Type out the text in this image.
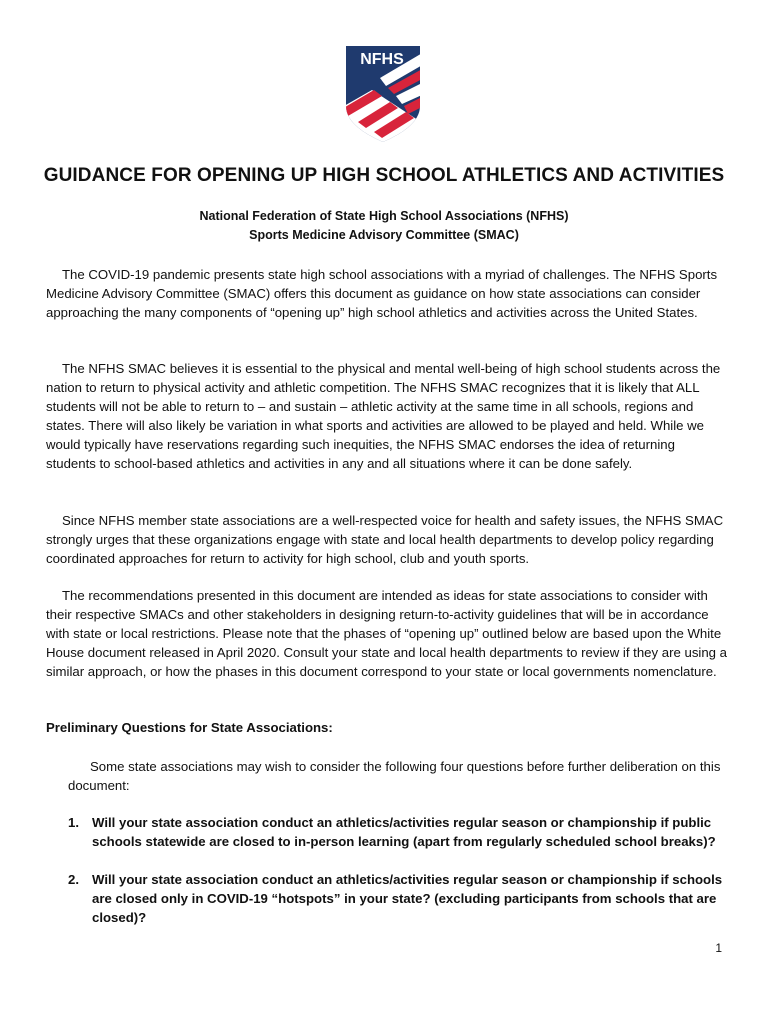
NFHS
GUIDANCE FOR OPENING UP HIGH SCHOOL ATHLETICS AND ACTIVITIES
National Federation of State High School Associations (NFHS)
Sports Medicine Advisory Committee (SMAC)

The COVID-19 pandemic presents state high school associations with a myriad of challenges. The NFHS Sports Medicine Advisory Committee (SMAC) offers this document as guidance on how state associations can consider approaching the many components of “opening up” high school athletics and activities across the United States.

The NFHS SMAC believes it is essential to the physical and mental well-being of high school students across the nation to return to physical activity and athletic competition. The NFHS SMAC recognizes that it is likely that ALL students will not be able to return to – and sustain – athletic activity at the same time in all schools, regions and states. There will also likely be variation in what sports and activities are allowed to be played and held. While we would typically have reservations regarding such inequities, the NFHS SMAC endorses the idea of returning students to school-based athletics and activities in any and all situations where it can be done safely.

Since NFHS member state associations are a well-respected voice for health and safety issues, the NFHS SMAC strongly urges that these organizations engage with state and local health departments to develop policy regarding coordinated approaches for return to activity for high school, club and youth sports.

The recommendations presented in this document are intended as ideas for state associations to consider with their respective SMACs and other stakeholders in designing return-to-activity guidelines that will be in accordance with state or local restrictions. Please note that the phases of “opening up” outlined below are based upon the White House document released in April 2020. Consult your state and local health departments to review if they are using a similar approach, or how the phases in this document correspond to your state or local governments nomenclature.

Preliminary Questions for State Associations:
Some state associations may wish to consider the following four questions before further deliberation on this document:
1. Will your state association conduct an athletics/activities regular season or championship if public schools statewide are closed to in-person learning (apart from regularly scheduled school breaks)?
2. Will your state association conduct an athletics/activities regular season or championship if schools are closed only in COVID-19 “hotspots” in your state? (excluding participants from schools that are closed)?
1
